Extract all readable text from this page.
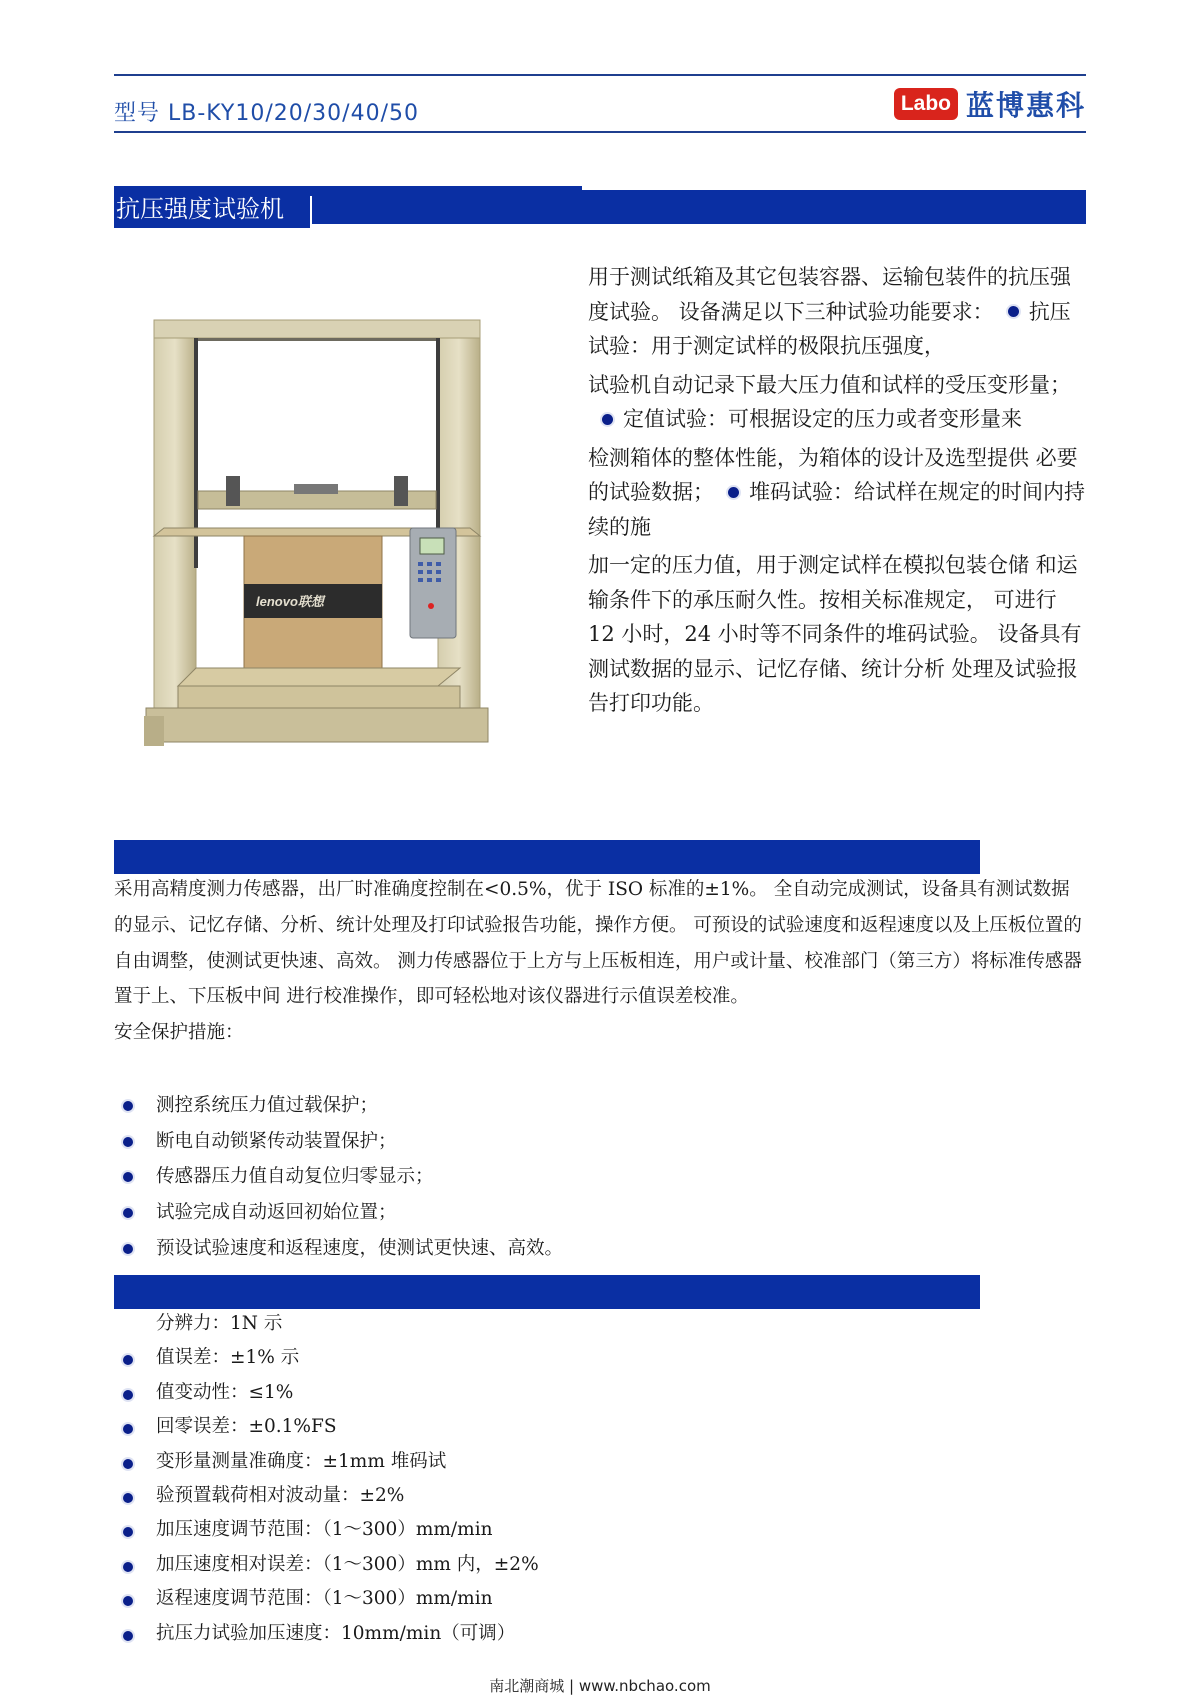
型号 LB-KY10/20/30/40/50	Labo 蓝博惠科
抗压强度试验机
lenovo联想

用于测试纸箱及其它包装容器、运输包装件的抗压强度试验。 设备满足以下三种试验功能要求： 抗压试验：用于测定试样的极限抗压强度，

试验机自动记录下最大压力值和试样的受压变形量；定值试验：可根据设定的压力或者变形量来

检测箱体的整体性能，为箱体的设计及选型提供 必要的试验数据； 堆码试验：给试样在规定的时间内持续的施

加一定的压力值，用于测定试样在模拟包装仓储 和运输条件下的承压耐久性。按相关标准规定， 可进行 12 小时，24 小时等不同条件的堆码试验。 设备具有测试数据的显示、记忆存储、统计分析 处理及试验报告打印功能。

采用高精度测力传感器，出厂时准确度控制在<0.5%，优于 ISO 标准的±1%。 全自动完成测试，设备具有测试数据的显示、记忆存储、分析、统计处理及打印试验报告功能，操作方便。 可预设的试验速度和返程速度以及上压板位置的自由调整，使测试更快速、高效。 测力传感器位于上方与上压板相连，用户或计量、校准部门（第三方）将标准传感器置于上、下压板中间 进行校准操作，即可轻松地对该仪器进行示值误差校准。

安全保护措施：

测控系统压力值过载保护；
断电自动锁紧传动装置保护；
传感器压力值自动复位归零显示；
试验完成自动返回初始位置；
预设试验速度和返程速度，使测试更快速、高效。
分辨力：1N 示
值误差：±1% 示
值变动性：≤1%
回零误差：±0.1%FS
变形量测量准确度：±1mm 堆码试
验预置载荷相对波动量：±2%
加压速度调节范围：（1～300）mm/min
加压速度相对误差：（1～300）mm 内，±2%
返程速度调节范围：（1～300）mm/min
抗压力试验加压速度：10mm/min（可调）
南北潮商城 | www.nbchao.com
